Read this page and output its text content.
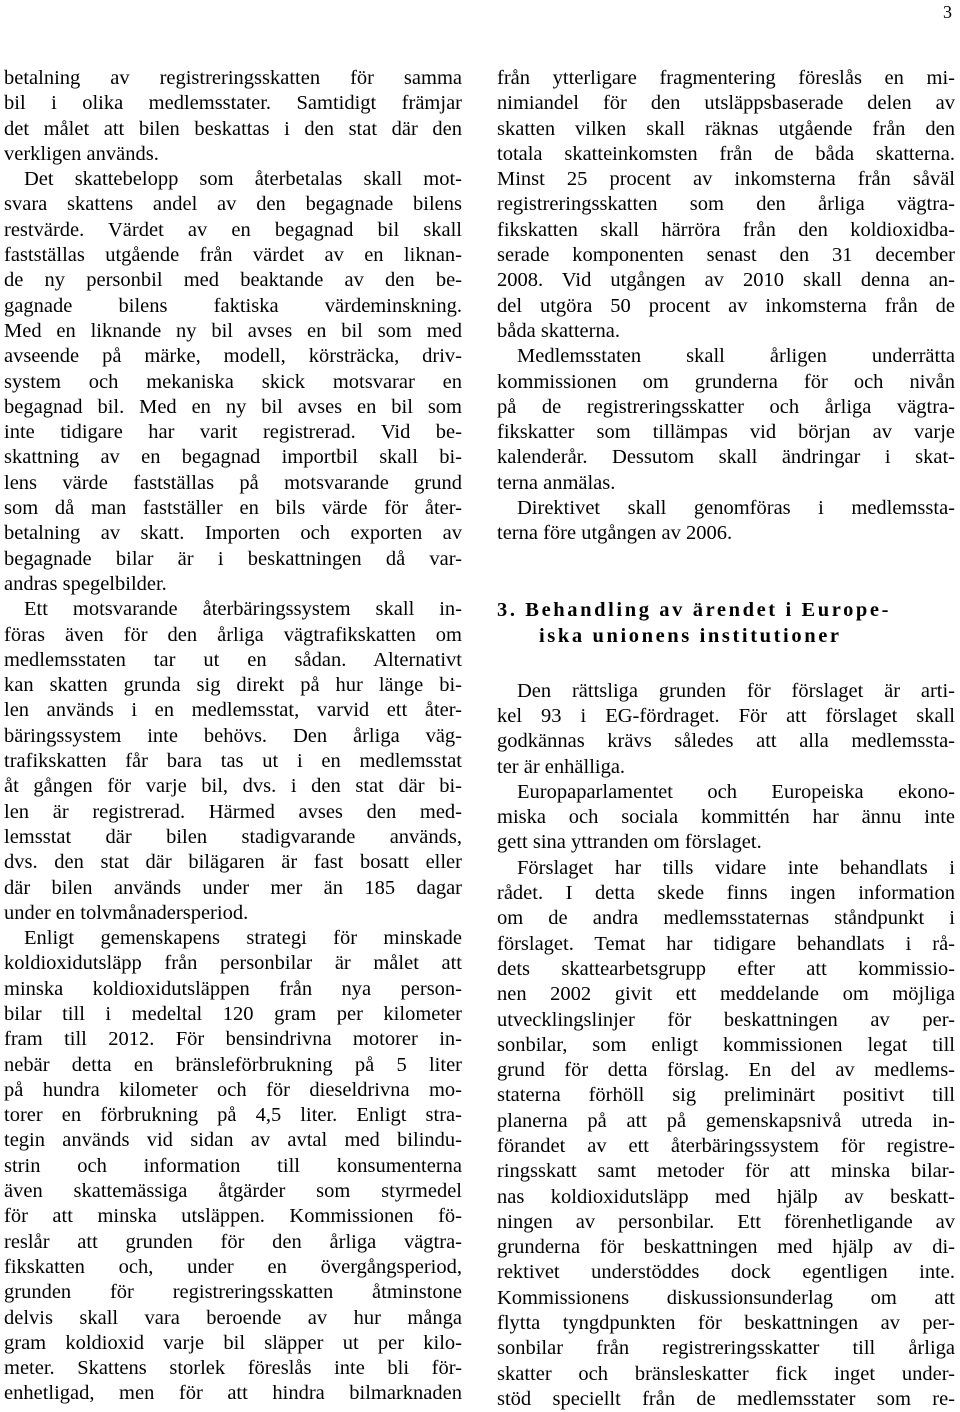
3
betalning av registreringsskatten för samma
bil i olika medlemsstater. Samtidigt främjar
det målet att bilen beskattas i den stat där den
verkligen används.
Det skattebelopp som återbetalas skall mot-
svara skattens andel av den begagnade bilens
restvärde. Värdet av en begagnad bil skall
fastställas utgående från värdet av en liknan-
de ny personbil med beaktande av den be-
gagnade bilens faktiska värdeminskning.
Med en liknande ny bil avses en bil som med
avseende på märke, modell, körsträcka, driv-
system och mekaniska skick motsvarar en
begagnad bil. Med en ny bil avses en bil som
inte tidigare har varit registrerad. Vid be-
skattning av en begagnad importbil skall bi-
lens värde fastställas på motsvarande grund
som då man fastställer en bils värde för åter-
betalning av skatt. Importen och exporten av
begagnade bilar är i beskattningen då var-
andras spegelbilder.
Ett motsvarande återbäringssystem skall in-
föras även för den årliga vägtrafikskatten om
medlemsstaten tar ut en sådan. Alternativt
kan skatten grunda sig direkt på hur länge bi-
len används i en medlemsstat, varvid ett åter-
bäringssystem inte behövs. Den årliga väg-
trafikskatten får bara tas ut i en medlemsstat
åt gången för varje bil, dvs. i den stat där bi-
len är registrerad. Härmed avses den med-
lemsstat där bilen stadigvarande används,
dvs. den stat där bilägaren är fast bosatt eller
där bilen används under mer än 185 dagar
under en tolvmånadersperiod.
Enligt gemenskapens strategi för minskade
koldioxidutsläpp från personbilar är målet att
minska koldioxidutsläppen från nya person-
bilar till i medeltal 120 gram per kilometer
fram till 2012. För bensindrivna motorer in-
nebär detta en bränsleförbrukning på 5 liter
på hundra kilometer och för dieseldrivna mo-
torer en förbrukning på 4,5 liter. Enligt stra-
tegin används vid sidan av avtal med bilindu-
strin och information till konsumenterna
även skattemässiga åtgärder som styrmedel
för att minska utsläppen. Kommissionen fö-
reslår att grunden för den årliga vägtra-
fikskatten och, under en övergångsperiod,
grunden för registreringsskatten åtminstone
delvis skall vara beroende av hur många
gram koldioxid varje bil släpper ut per kilo-
meter. Skattens storlek föreslås inte bli för-
enhetligad, men för att hindra bilmarknaden
från ytterligare fragmentering föreslås en mi-
nimiandel för den utsläppsbaserade delen av
skatten vilken skall räknas utgående från den
totala skatteinkomsten från de båda skatterna.
Minst 25 procent av inkomsterna från såväl
registreringsskatten som den årliga vägtra-
fikskatten skall härröra från den koldioxidba-
serade komponenten senast den 31 december
2008. Vid utgången av 2010 skall denna an-
del utgöra 50 procent av inkomsterna från de
båda skatterna.
Medlemsstaten skall årligen underrätta
kommissionen om grunderna för och nivån
på de registreringsskatter och årliga vägtra-
fikskatter som tillämpas vid början av varje
kalenderår. Dessutom skall ändringar i skat-
terna anmälas.
Direktivet skall genomföras i medlemssta-
terna före utgången av 2006.
3. Behandling av ärendet i Europe-
iska unionens institutioner
Den rättsliga grunden för förslaget är arti-
kel 93 i EG-fördraget. För att förslaget skall
godkännas krävs således att alla medlemssta-
ter är enhälliga.
Europaparlamentet och Europeiska ekono-
miska och sociala kommittén har ännu inte
gett sina yttranden om förslaget.
Förslaget har tills vidare inte behandlats i
rådet. I detta skede finns ingen information
om de andra medlemsstaternas ståndpunkt i
förslaget. Temat har tidigare behandlats i rå-
dets skattearbetsgrupp efter att kommissio-
nen 2002 givit ett meddelande om möjliga
utvecklingslinjer för beskattningen av per-
sonbilar, som enligt kommissionen legat till
grund för detta förslag. En del av medlems-
staterna förhöll sig preliminärt positivt till
planerna på att på gemenskapsnivå utreda in-
förandet av ett återbäringssystem för registre-
ringsskatt samt metoder för att minska bilar-
nas koldioxidutsläpp med hjälp av beskatt-
ningen av personbilar. Ett förenhetligande av
grunderna för beskattningen med hjälp av di-
rektivet understöddes dock egentligen inte.
Kommissionens diskussionsunderlag om att
flytta tyngdpunkten för beskattningen av per-
sonbilar från registreringsskatter till årliga
skatter och bränsleskatter fick inget under-
stöd speciellt från de medlemsstater som re-
